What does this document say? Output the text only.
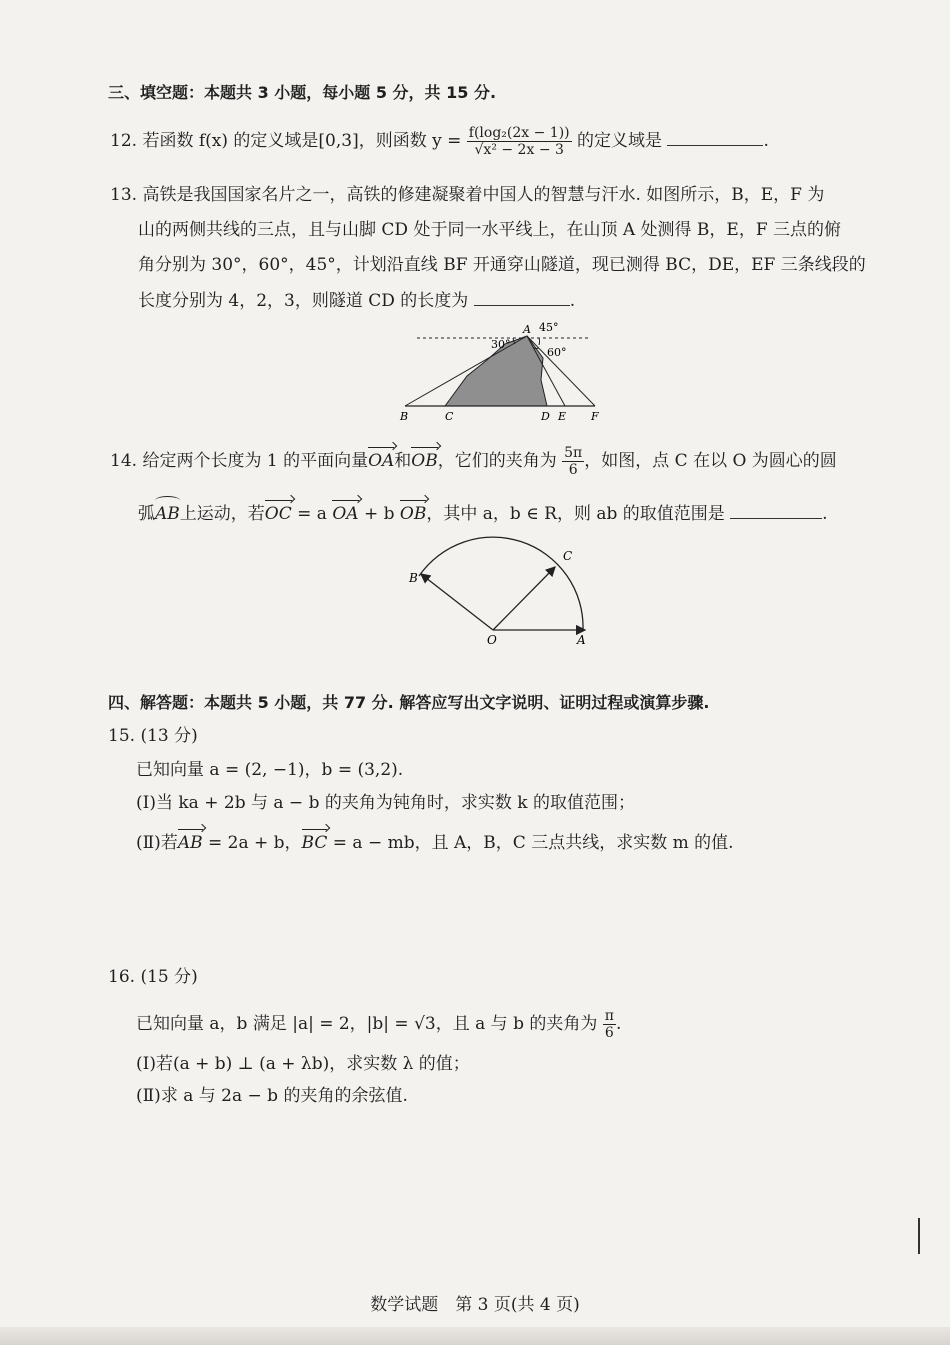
三、填空题：本题共 3 小题，每小题 5 分，共 15 分.
12. 若函数 f(x) 的定义域是[0,3]，则函数 $y = \frac{\text{f(log₂(2x − 1))}}{\text{√x² − 2x − 3}}$ 的定义域是	.
13. 高铁是我国国家名片之一，高铁的修建凝聚着中国人的智慧与汗水. 如图所示，B，E，F 为
山的两侧共线的三点，且与山脚 CD 处于同一水平线上，在山顶 A 处测得 B，E，F 三点的俯
角分别为 30°，60°，45°，计划沿直线 BF 开通穿山隧道，现已测得 BC，DE，EF 三条线段的
长度分别为 4，2，3，则隧道 CD 的长度为	.
A
30°
45°
60°
B	C	D E F
14. 给定两个长度为 1 的平面向量OA和OB，它们的夹角为 $\frac{5\pi}{6}$ ，如图，点 C 在以 O 为圆心的圆
弧AB上运动，若OC = a OA + b OB，其中 a，b ∈ R，则 ab 的取值范围是	.
O	A
B
C
四、解答题：本题共 5 小题，共 77 分. 解答应写出文字说明、证明过程或演算步骤.
15. (13 分)
已知向量 a = (2, −1)，b = (3,2).
(Ⅰ)当 ka + 2b 与 a − b 的夹角为钝角时，求实数 k 的取值范围；
(Ⅱ)若AB = 2a + b，BC = a − mb，且 A，B，C 三点共线，求实数 m 的值.
16. (15 分)
已知向量 a，b 满足 |a| = 2，|b| = √3，且 a 与 b 的夹角为 $\frac{\pi}{6}$ .
(Ⅰ)若(a + b) ⊥ (a + λb)，求实数 λ 的值；
(Ⅱ)求 a 与 2a − b 的夹角的余弦值.
数学试题　第 3 页(共 4 页)
